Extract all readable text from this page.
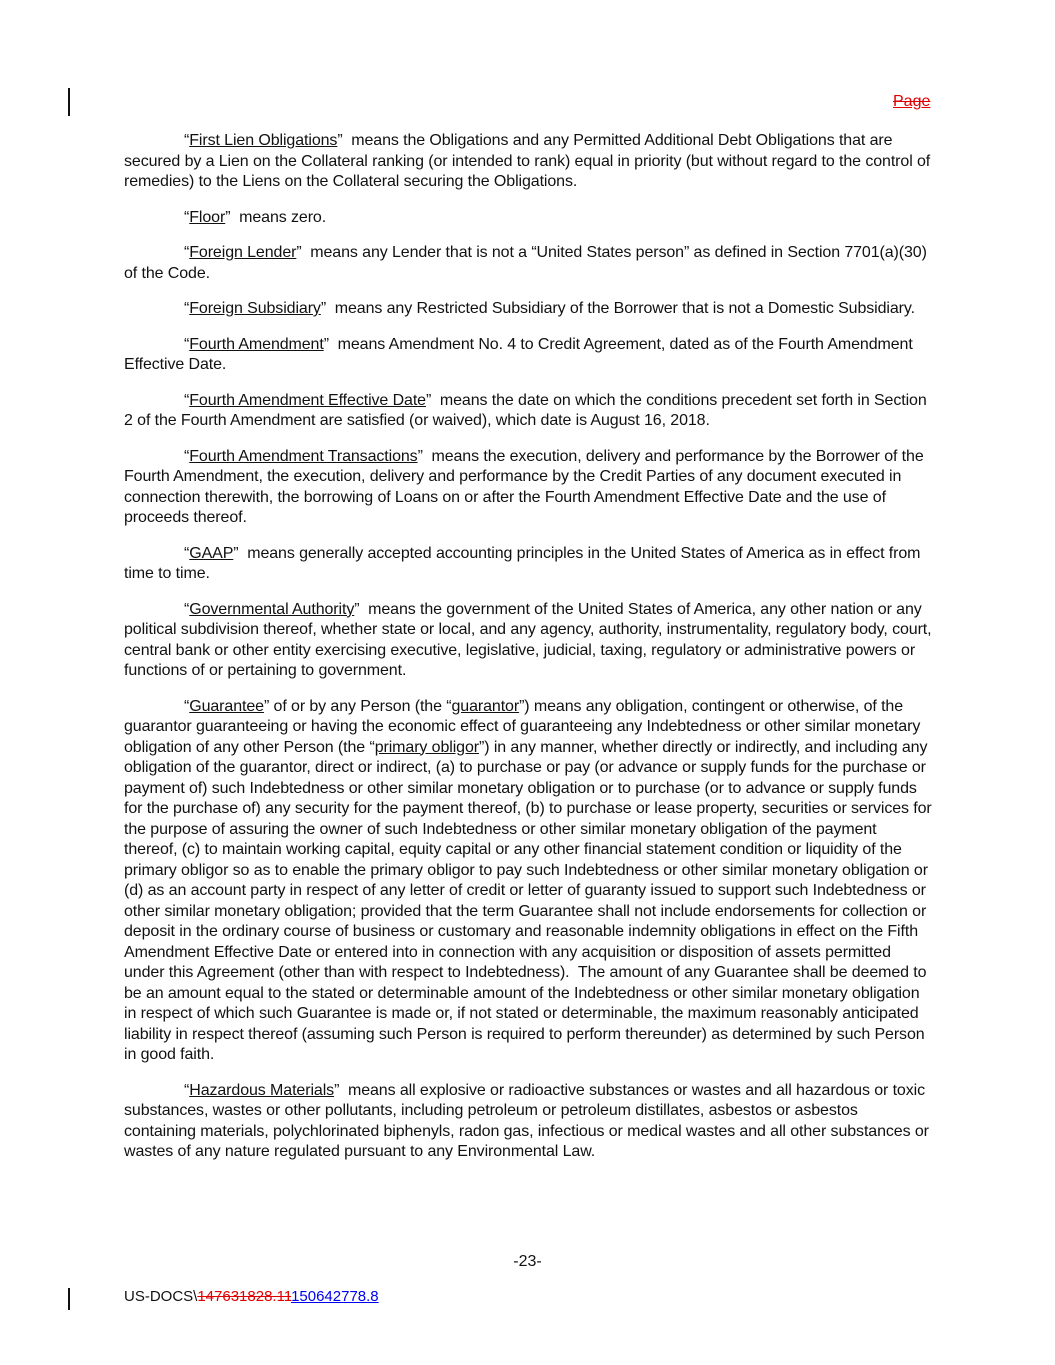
Page

“First Lien Obligations”  means the Obligations and any Permitted Additional Debt Obligations that are secured by a Lien on the Collateral ranking (or intended to rank) equal in priority (but without regard to the control of remedies) to the Liens on the Collateral securing the Obligations.

“Floor”  means zero.

“Foreign Lender”  means any Lender that is not a “United States person” as defined in Section 7701(a)(30) of the Code.

“Foreign Subsidiary”  means any Restricted Subsidiary of the Borrower that is not a Domestic Subsidiary.

“Fourth Amendment”  means Amendment No. 4 to Credit Agreement, dated as of the Fourth Amendment Effective Date.

“Fourth Amendment Effective Date”  means the date on which the conditions precedent set forth in Section 2 of the Fourth Amendment are satisfied (or waived), which date is August 16, 2018.

“Fourth Amendment Transactions”  means the execution, delivery and performance by the Borrower of the Fourth Amendment, the execution, delivery and performance by the Credit Parties of any document executed in connection therewith, the borrowing of Loans on or after the Fourth Amendment Effective Date and the use of proceeds thereof.

“GAAP”  means generally accepted accounting principles in the United States of America as in effect from time to time.

“Governmental Authority”  means the government of the United States of America, any other nation or any political subdivision thereof, whether state or local, and any agency, authority, instrumentality, regulatory body, court, central bank or other entity exercising executive, legislative, judicial, taxing, regulatory or administrative powers or functions of or pertaining to government.

“Guarantee” of or by any Person (the “guarantor”) means any obligation, contingent or otherwise, of the guarantor guaranteeing or having the economic effect of guaranteeing any Indebtedness or other similar monetary obligation of any other Person (the “primary obligor”) in any manner, whether directly or indirectly, and including any obligation of the guarantor, direct or indirect, (a) to purchase or pay (or advance or supply funds for the purchase or payment of) such Indebtedness or other similar monetary obligation or to purchase (or to advance or supply funds for the purchase of) any security for the payment thereof, (b) to purchase or lease property, securities or services for the purpose of assuring the owner of such Indebtedness or other similar monetary obligation of the payment thereof, (c) to maintain working capital, equity capital or any other financial statement condition or liquidity of the primary obligor so as to enable the primary obligor to pay such Indebtedness or other similar monetary obligation or (d) as an account party in respect of any letter of credit or letter of guaranty issued to support such Indebtedness or other similar monetary obligation; provided that the term Guarantee shall not include endorsements for collection or deposit in the ordinary course of business or customary and reasonable indemnity obligations in effect on the Fifth Amendment Effective Date or entered into in connection with any acquisition or disposition of assets permitted under this Agreement (other than with respect to Indebtedness).  The amount of any Guarantee shall be deemed to be an amount equal to the stated or determinable amount of the Indebtedness or other similar monetary obligation in respect of which such Guarantee is made or, if not stated or determinable, the maximum reasonably anticipated liability in respect thereof (assuming such Person is required to perform thereunder) as determined by such Person in good faith.

“Hazardous Materials”  means all explosive or radioactive substances or wastes and all hazardous or toxic substances, wastes or other pollutants, including petroleum or petroleum distillates, asbestos or asbestos containing materials, polychlorinated biphenyls, radon gas, infectious or medical wastes and all other substances or wastes of any nature regulated pursuant to any Environmental Law.

-23-
US-DOCS\147631828.11150642778.8
